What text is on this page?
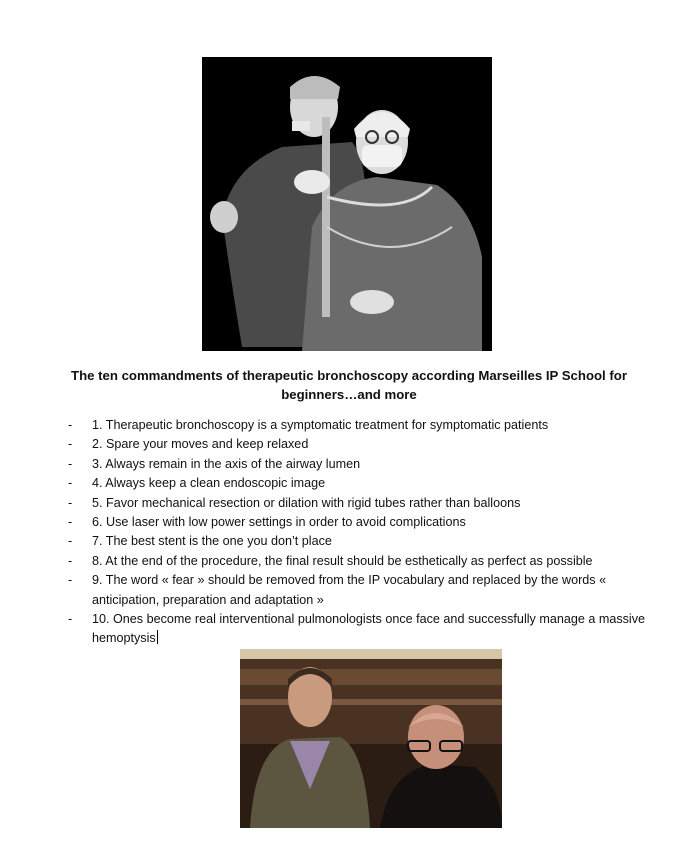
The ten commandments of therapeutic bronchoscopy according Marseilles IP School for beginners…and more
- 1. Therapeutic bronchoscopy is a symptomatic treatment for symptomatic patients
- 2. Spare your moves and keep relaxed
- 3. Always remain in the axis of the airway lumen
- 4. Always keep a clean endoscopic image
- 5. Favor mechanical resection or dilation with rigid tubes rather than balloons
- 6. Use laser with low power settings in order to avoid complications
- 7. The best stent is the one you don’t place
- 8. At the end of the procedure, the final result should be esthetically as perfect as possible
- 9. The word « fear » should be removed from the IP vocabulary and replaced by the words « anticipation, preparation and adaptation »
- 10. Ones become real interventional pulmonologists once face and successfully manage a massive hemoptysis
